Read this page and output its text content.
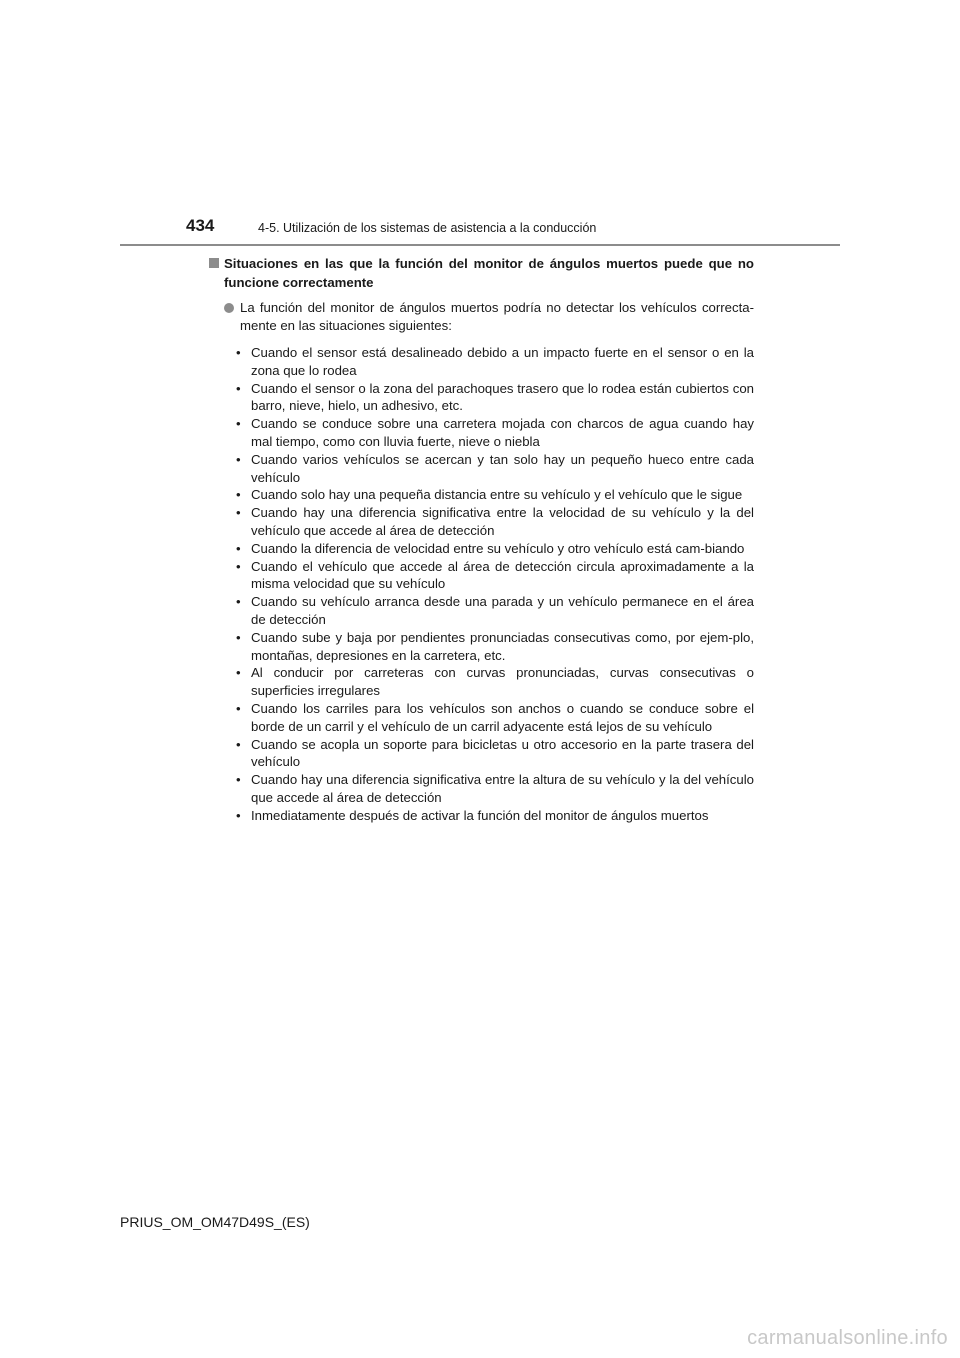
434	4-5. Utilización de los sistemas de asistencia a la conducción
Situaciones en las que la función del monitor de ángulos muertos puede que no funcione correctamente
La función del monitor de ángulos muertos podría no detectar los vehículos correcta-mente en las situaciones siguientes:
• Cuando el sensor está desalineado debido a un impacto fuerte en el sensor o en la zona que lo rodea
• Cuando el sensor o la zona del parachoques trasero que lo rodea están cubiertos con barro, nieve, hielo, un adhesivo, etc.
• Cuando se conduce sobre una carretera mojada con charcos de agua cuando hay mal tiempo, como con lluvia fuerte, nieve o niebla
• Cuando varios vehículos se acercan y tan solo hay un pequeño hueco entre cada vehículo
• Cuando solo hay una pequeña distancia entre su vehículo y el vehículo que le sigue
• Cuando hay una diferencia significativa entre la velocidad de su vehículo y la del vehículo que accede al área de detección
• Cuando la diferencia de velocidad entre su vehículo y otro vehículo está cam-biando
• Cuando el vehículo que accede al área de detección circula aproximadamente a la misma velocidad que su vehículo
• Cuando su vehículo arranca desde una parada y un vehículo permanece en el área de detección
• Cuando sube y baja por pendientes pronunciadas consecutivas como, por ejem-plo, montañas, depresiones en la carretera, etc.
• Al conducir por carreteras con curvas pronunciadas, curvas consecutivas o superficies irregulares
• Cuando los carriles para los vehículos son anchos o cuando se conduce sobre el borde de un carril y el vehículo de un carril adyacente está lejos de su vehículo
• Cuando se acopla un soporte para bicicletas u otro accesorio en la parte trasera del vehículo
• Cuando hay una diferencia significativa entre la altura de su vehículo y la del vehículo que accede al área de detección
• Inmediatamente después de activar la función del monitor de ángulos muertos
PRIUS_OM_OM47D49S_(ES)
carmanualsonline.info
